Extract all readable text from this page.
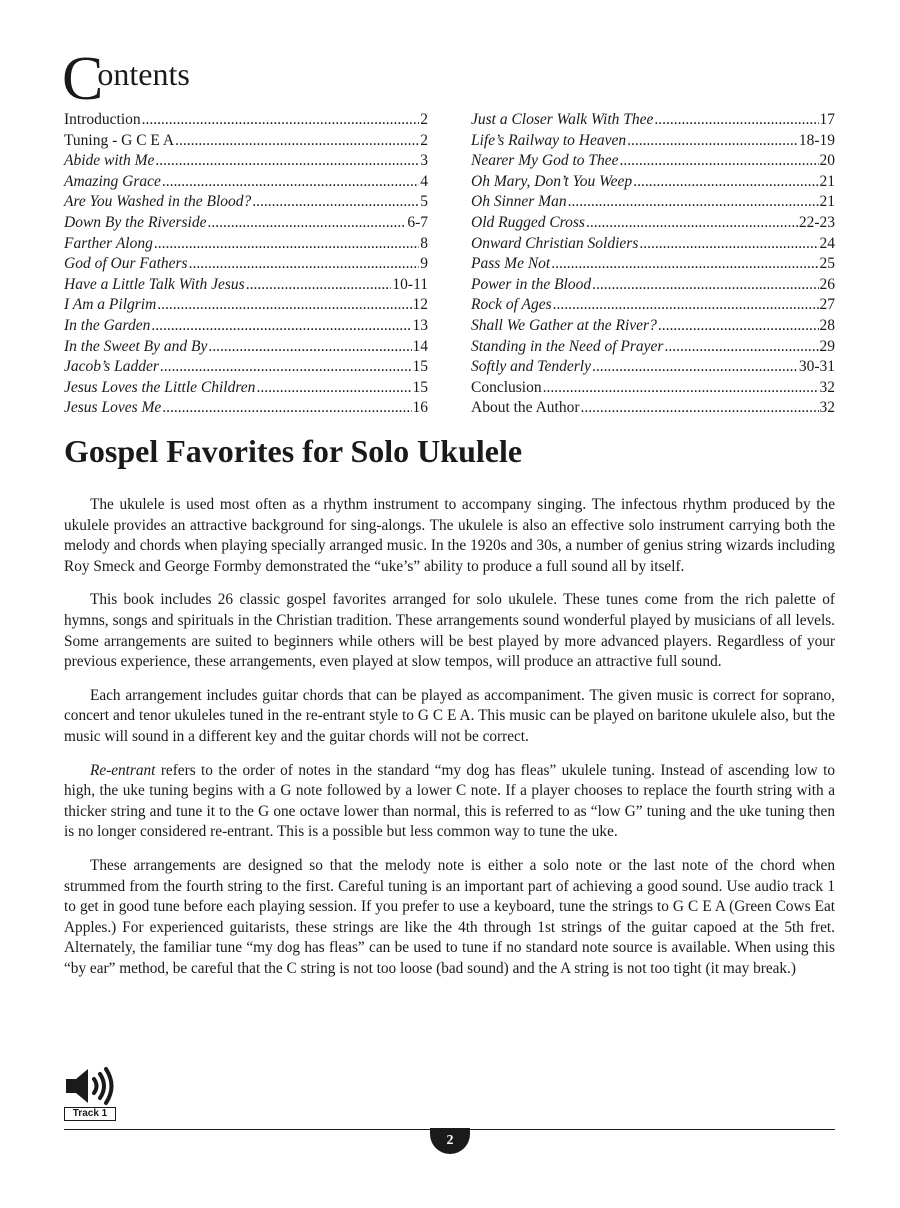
Contents
Introduction .....	2
Tuning - G C E A .....	2
Abide with Me .....	3
Amazing Grace .....	4
Are You Washed in the Blood? .....	5
Down By the Riverside .....	6-7
Farther Along .....	8
God of Our Fathers .....	9
Have a Little Talk With Jesus .....	10-11
I Am a Pilgrim .....	12
In the Garden .....	13
In the Sweet By and By .....	14
Jacob’s Ladder .....	15
Jesus Loves the Little Children .....	15
Jesus Loves Me .....	16
Just a Closer Walk With Thee .....	17
Life’s Railway to Heaven .....	18-19
Nearer My God to Thee .....	20
Oh Mary, Don’t You Weep .....	21
Oh Sinner Man .....	21
Old Rugged Cross .....	22-23
Onward Christian Soldiers .....	24
Pass Me Not .....	25
Power in the Blood .....	26
Rock of Ages .....	27
Shall We Gather at the River? .....	28
Standing in the Need of Prayer .....	29
Softly and Tenderly .....	30-31
Conclusion .....	32
About the Author .....	32
Gospel Favorites for Solo Ukulele

The ukulele is used most often as a rhythm instrument to accompany singing. The infectous rhythm produced by the ukulele provides an attractive background for sing-alongs. The ukulele is also an effective solo instrument carrying both the melody and chords when playing specially arranged music. In the 1920s and 30s, a number of genius string wizards including Roy Smeck and George Formby demonstrated the “uke’s” ability to produce a full sound all by itself.

This book includes 26 classic gospel favorites arranged for solo ukulele. These tunes come from the rich palette of hymns, songs and spirituals in the Christian tradition. These arrangements sound wonderful played by musicians of all levels. Some arrangements are suited to beginners while others will be best played by more advanced players. Regardless of your previous experience, these arrangements, even played at slow tempos, will produce an attractive full sound.

Each arrangement includes guitar chords that can be played as accompaniment. The given music is correct for soprano, concert and tenor ukuleles tuned in the re-entrant style to G C E A. This music can be played on baritone ukulele also, but the music will sound in a different key and the guitar chords will not be correct.

Re-entrant refers to the order of notes in the standard “my dog has fleas” ukulele tuning. Instead of ascending low to high, the uke tuning begins with a G note followed by a lower C note. If a player chooses to replace the fourth string with a thicker string and tune it to the G one octave lower than normal, this is referred to as “low G” tuning and the uke tuning then is no longer considered re-entrant. This is a possible but less common way to tune the uke.

These arrangements are designed so that the melody note is either a solo note or the last note of the chord when strummed from the fourth string to the first. Careful tuning is an important part of achieving a good sound. Use audio track 1 to get in good tune before each playing session. If you prefer to use a keyboard, tune the strings to G C E A (Green Cows Eat Apples.) For experienced guitarists, these strings are like the 4th through 1st strings of the guitar capoed at the 5th fret. Alternately, the familiar tune “my dog has fleas” can be used to tune if no standard note source is available. When using this “by ear” method, be careful that the C string is not too loose (bad sound) and the A string is not too tight (it may break.)

Track 1
2
